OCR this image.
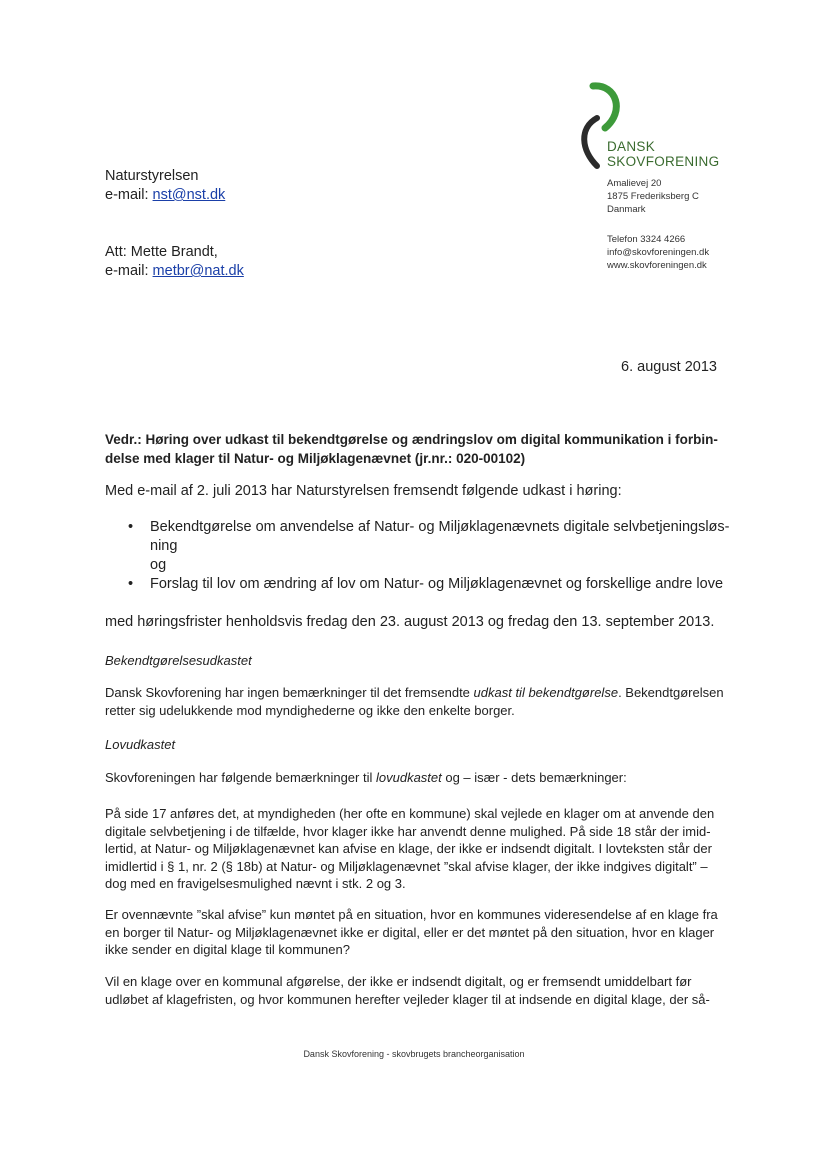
DANSK
SKOVFORENING
Amalievej 20
1875 Frederiksberg C
Danmark
Telefon 3324 4266
info@skovforeningen.dk
www.skovforeningen.dk
Naturstyrelsen
e-mail: nst@nst.dk
Att: Mette Brandt,
e-mail: metbr@nat.dk
6. august 2013
Vedr.: Høring over udkast til bekendtgørelse og ændringslov om digital kommunikation i forbin-
delse med klager til Natur- og Miljøklagenævnet (jr.nr.: 020-00102)
Med e-mail af 2. juli 2013 har Naturstyrelsen fremsendt følgende udkast i høring:
• Bekendtgørelse om anvendelse af Natur- og Miljøklagenævnets digitale selvbetjeningsløs-
ning
og
• Forslag til lov om ændring af lov om Natur- og Miljøklagenævnet og forskellige andre love
med høringsfrister henholdsvis fredag den 23. august 2013 og fredag den 13. september 2013.
Bekendtgørelsesudkastet
Dansk Skovforening har ingen bemærkninger til det fremsendte udkast til bekendtgørelse. Bekendtgørelsen
retter sig udelukkende mod myndighederne og ikke den enkelte borger.
Lovudkastet
Skovforeningen har følgende bemærkninger til lovudkastet og – især - dets bemærkninger:
På side 17 anføres det, at myndigheden (her ofte en kommune) skal vejlede en klager om at anvende den
digitale selvbetjening i de tilfælde, hvor klager ikke har anvendt denne mulighed. På side 18 står der imid-
lertid, at Natur- og Miljøklagenævnet kan afvise en klage, der ikke er indsendt digitalt. I lovteksten står der
imidlertid i § 1, nr. 2 (§ 18b) at Natur- og Miljøklagenævnet ”skal afvise klager, der ikke indgives digitalt” –
dog med en fravigelsesmulighed nævnt i stk. 2 og 3.
Er ovennævnte ”skal afvise” kun møntet på en situation, hvor en kommunes videresendelse af en klage fra
en borger til Natur- og Miljøklagenævnet ikke er digital, eller er det møntet på den situation, hvor en klager
ikke sender en digital klage til kommunen?
Vil en klage over en kommunal afgørelse, der ikke er indsendt digitalt, og er fremsendt umiddelbart før
udløbet af klagefristen, og hvor kommunen herefter vejleder klager til at indsende en digital klage, der så-
Dansk Skovforening - skovbrugets brancheorganisation
